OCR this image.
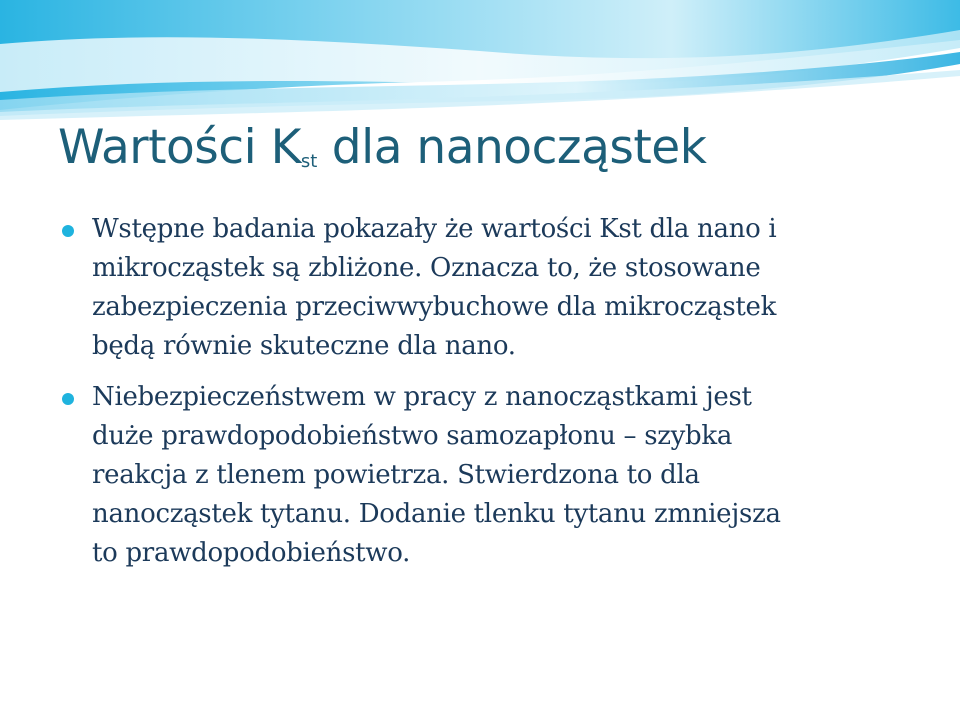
Wartości $K_{st}$ dla nanocząstek
Wstępne badania pokazały że wartości Kst dla nano i
mikrocząstek są zbliżone. Oznacza to, że stosowane
zabezpieczenia przeciwwybuchowe dla mikrocząstek
będą równie skuteczne dla nano.
Niebezpieczeństwem w pracy z nanocząstkami jest
duże prawdopodobieństwo samozapłonu – szybka
reakcja z tlenem powietrza. Stwierdzona to dla
nanocząstek tytanu. Dodanie tlenku tytanu zmniejsza
to prawdopodobieństwo.
